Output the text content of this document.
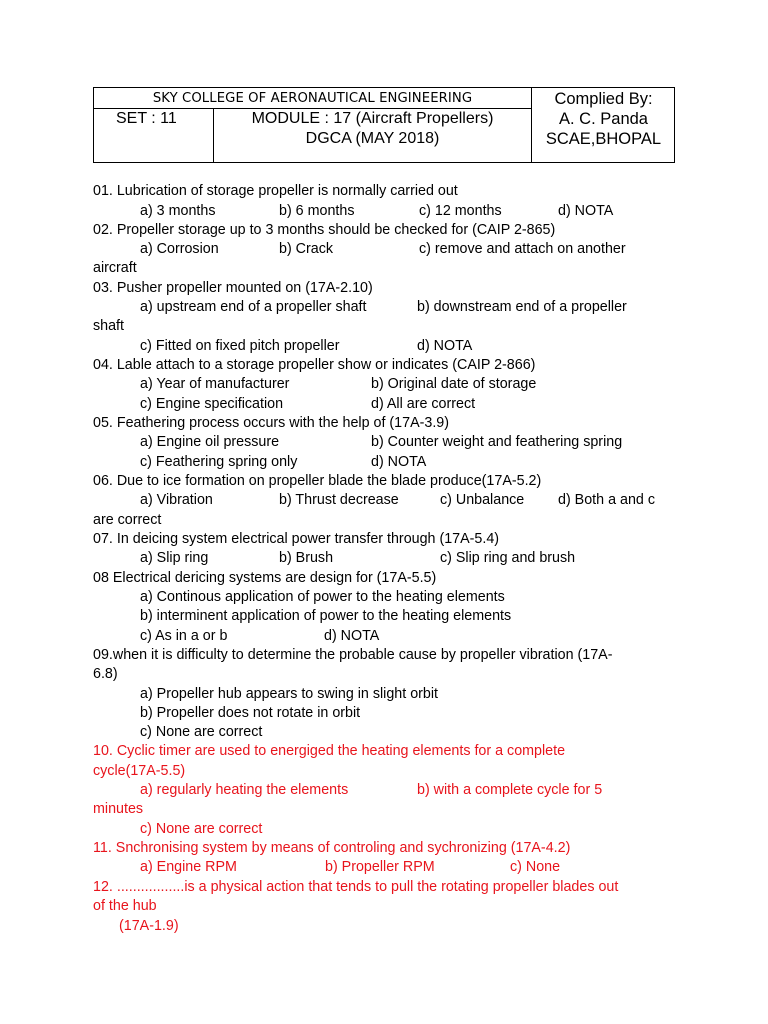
SKY COLLEGE OF AERONAUTICAL ENGINEERING
SET : 11	MODULE : 17 (Aircraft Propellers)
DGCA (MAY 2018)
Complied By:
A. C. Panda
SCAE,BHOPAL
01. Lubrication of storage propeller is normally carried out
a) 3 months	b) 6 months	c) 12 months	d) NOTA
02. Propeller storage up to 3 months should be checked for (CAIP 2-865)
a) Corrosion	b) Crack	c) remove and attach on another
aircraft
03. Pusher propeller mounted on (17A-2.10)
a) upstream end of a propeller shaft	b) downstream end of a propeller
shaft
c) Fitted on fixed pitch propeller	d) NOTA
04. Lable attach to a storage propeller show or indicates (CAIP 2-866)
a) Year of manufacturer	b) Original date of storage
c) Engine specification	d) All are correct
05. Feathering process occurs with the help of (17A-3.9)
a) Engine oil pressure	b) Counter weight and feathering spring
c) Feathering spring only	d) NOTA
06. Due to ice formation on propeller blade the blade produce(17A-5.2)
a) Vibration	b) Thrust decrease	c) Unbalance d) Both a and c
are correct
07. In deicing system electrical power transfer through (17A-5.4)
a) Slip ring	b) Brush	c) Slip ring and brush
08 Electrical dericing systems are design for (17A-5.5)
a) Continous application of power to the heating elements
b) interminent application of power to the heating elements
c) As in a or b	d) NOTA
09.when it is difficulty to determine the probable cause by propeller vibration (17A-
6.8)
a) Propeller hub appears to swing in slight orbit
b) Propeller does not rotate in orbit
c) None are correct
10. Cyclic timer are used to energiged the heating elements for a complete
cycle(17A-5.5)
a) regularly heating the elements	b) with a complete cycle for 5
minutes
c) None are correct
11. Snchronising system by means of controling and sychronizing (17A-4.2)
a) Engine RPM	b) Propeller RPM	c) None
12. .................is a physical action that tends to pull the rotating propeller blades out
of the hub
(17A-1.9)
